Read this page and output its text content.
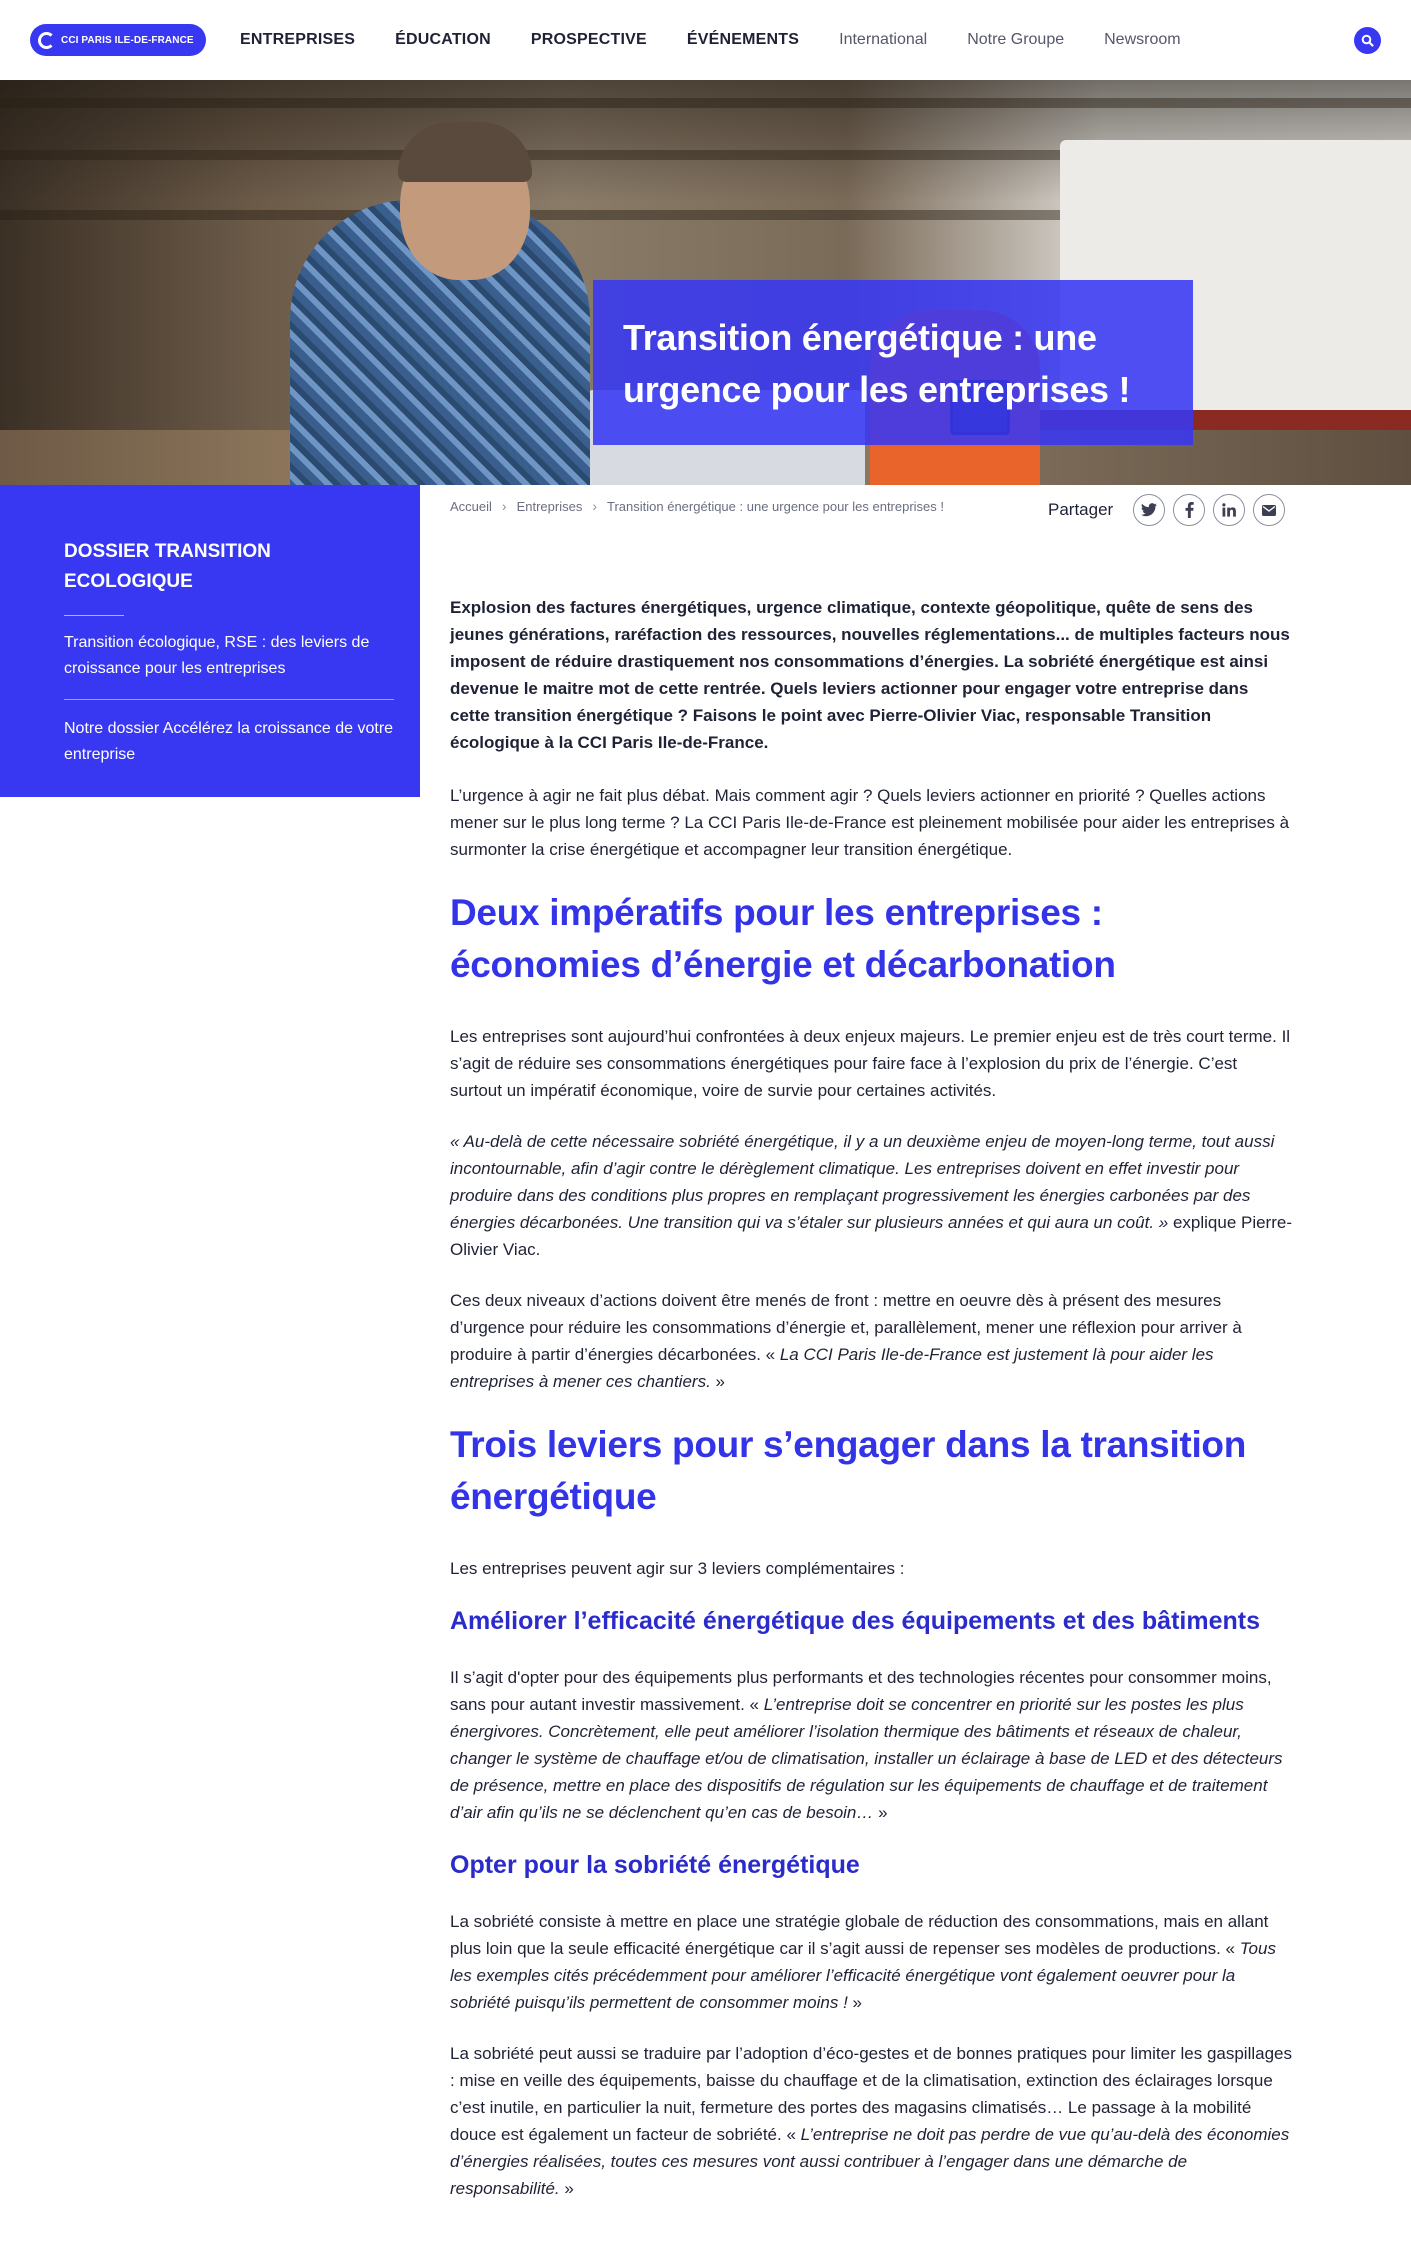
CCI PARIS ILE-DE-FRANCE	ENTREPRISES	ÉDUCATION	PROSPECTIVE	ÉVÉNEMENTS	International	Notre Groupe	Newsroom
Transition énergétique : une urgence pour les entreprises !
DOSSIER TRANSITION ECOLOGIQUE
Transition écologique, RSE : des leviers de croissance pour les entreprises
Notre dossier Accélérez la croissance de votre entreprise
Accueil › Entreprises › Transition énergétique : une urgence pour les entreprises !	Partager

Explosion des factures énergétiques, urgence climatique, contexte géopolitique, quête de sens des jeunes générations, raréfaction des ressources, nouvelles réglementations... de multiples facteurs nous imposent de réduire drastiquement nos consommations d’énergies. La sobriété énergétique est ainsi devenue le maitre mot de cette rentrée. Quels leviers actionner pour engager votre entreprise dans cette transition énergétique ? Faisons le point avec Pierre-Olivier Viac, responsable Transition écologique à la CCI Paris Ile-de-France.

L’urgence à agir ne fait plus débat. Mais comment agir ? Quels leviers actionner en priorité ? Quelles actions mener sur le plus long terme ? La CCI Paris Ile-de-France est pleinement mobilisée pour aider les entreprises à surmonter la crise énergétique et accompagner leur transition énergétique.

Deux impératifs pour les entreprises : économies d’énergie et décarbonation

Les entreprises sont aujourd’hui confrontées à deux enjeux majeurs. Le premier enjeu est de très court terme. Il s’agit de réduire ses consommations énergétiques pour faire face à l’explosion du prix de l’énergie. C’est surtout un impératif économique, voire de survie pour certaines activités.

« Au-delà de cette nécessaire sobriété énergétique, il y a un deuxième enjeu de moyen-long terme, tout aussi incontournable, afin d’agir contre le dérèglement climatique. Les entreprises doivent en effet investir pour produire dans des conditions plus propres en remplaçant progressivement les énergies carbonées par des énergies décarbonées. Une transition qui va s’étaler sur plusieurs années et qui aura un coût. » explique Pierre-Olivier Viac.

Ces deux niveaux d’actions doivent être menés de front : mettre en oeuvre dès à présent des mesures d’urgence pour réduire les consommations d’énergie et, parallèlement, mener une réflexion pour arriver à produire à partir d’énergies décarbonées. « La CCI Paris Ile-de-France est justement là pour aider les entreprises à mener ces chantiers. »

Trois leviers pour s’engager dans la transition énergétique

Les entreprises peuvent agir sur 3 leviers complémentaires :

Améliorer l’efficacité énergétique des équipements et des bâtiments

Il s’agit d'opter pour des équipements plus performants et des technologies récentes pour consommer moins, sans pour autant investir massivement. « L’entreprise doit se concentrer en priorité sur les postes les plus énergivores. Concrètement, elle peut améliorer l’isolation thermique des bâtiments et réseaux de chaleur, changer le système de chauffage et/ou de climatisation, installer un éclairage à base de LED et des détecteurs de présence, mettre en place des dispositifs de régulation sur les équipements de chauffage et de traitement d’air afin qu’ils ne se déclenchent qu’en cas de besoin… »

Opter pour la sobriété énergétique

La sobriété consiste à mettre en place une stratégie globale de réduction des consommations, mais en allant plus loin que la seule efficacité énergétique car il s’agit aussi de repenser ses modèles de productions. « Tous les exemples cités précédemment pour améliorer l’efficacité énergétique vont également oeuvrer pour la sobriété puisqu’ils permettent de consommer moins ! »

La sobriété peut aussi se traduire par l’adoption d’éco-gestes et de bonnes pratiques pour limiter les gaspillages : mise en veille des équipements, baisse du chauffage et de la climatisation, extinction des éclairages lorsque c’est inutile, en particulier la nuit, fermeture des portes des magasins climatisés… Le passage à la mobilité douce est également un facteur de sobriété. « L’entreprise ne doit pas perdre de vue qu’au-delà des économies d’énergies réalisées, toutes ces mesures vont aussi contribuer à l’engager dans une démarche de responsabilité. »
